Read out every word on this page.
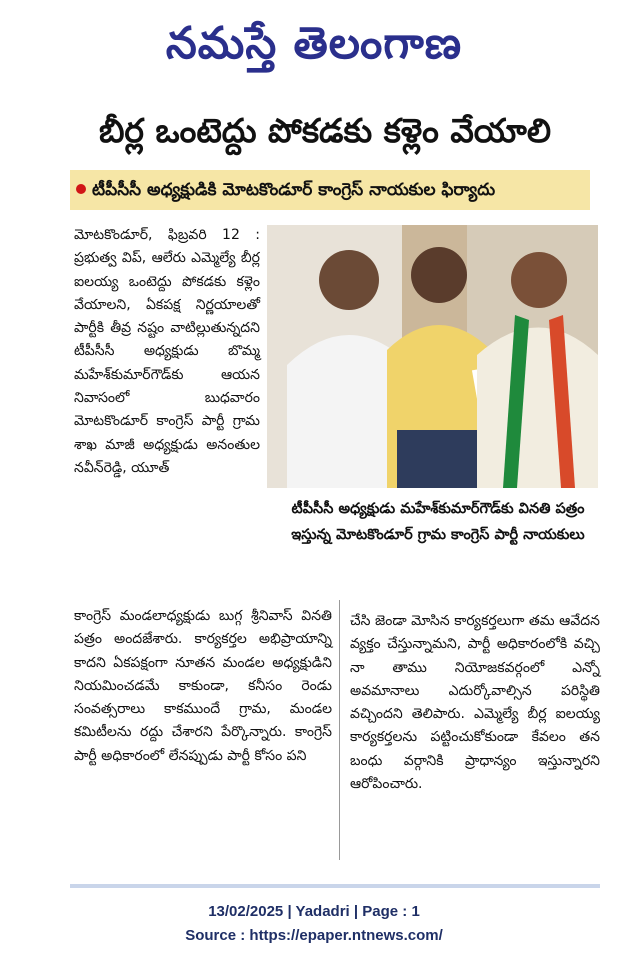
నమస్తే తెలంగాణ
బీర్ల ఒంటెద్దు పోకడకు కళ్లెం వేయాలి
టీపీసీసీ అధ్యక్షుడికి మోటకొండూర్ కాంగ్రెస్ నాయకుల ఫిర్యాదు
మోటకొండూర్, ఫిబ్రవరి 12 : ప్రభుత్వ విప్, ఆలేరు ఎమ్మెల్యే బీర్ల ఐలయ్య ఒంటెద్దు పోకడకు కళ్లెం వేయాలని, ఏకపక్ష నిర్ణయాలతో పార్టీకి తీవ్ర నష్టం వాటిల్లుతున్నదని టీపీసీసీ అధ్యక్షుడు బొమ్మ మహేశ్‌కుమార్‌గౌడ్‌కు ఆయన నివాసంలో బుధవారం మోటకొండూర్ కాంగ్రెస్ పార్టీ గ్రామ శాఖ మాజీ అధ్యక్షుడు అనంతుల నవీన్‌రెడ్డి, యూత్
టీపీసీసీ అధ్యక్షుడు మహేశ్‌కుమార్‌గౌడ్‌కు వినతి పత్రం ఇస్తున్న మోటకొండూర్ గ్రామ కాంగ్రెస్ పార్టీ నాయకులు
కాంగ్రెస్ మండలాధ్యక్షుడు బుగ్గ శ్రీనివాస్ వినతి పత్రం అందజేశారు. కార్యకర్తల అభిప్రాయాన్ని కాదని ఏకపక్షంగా నూతన మండల అధ్యక్షుడిని నియమించడమే కాకుండా, కనీసం రెండు సంవత్సరాలు కాకముందే గ్రామ, మండల కమిటీలను రద్దు చేశారని పేర్కొన్నారు. కాంగ్రెస్ పార్టీ అధికారంలో లేనప్పుడు పార్టీ కోసం పని
చేసి జెండా మోసిన కార్యకర్తలుగా తమ ఆవేదన వ్యక్తం చేస్తున్నామని, పార్టీ అధికారంలోకి వచ్చి నా తాము నియోజకవర్గంలో ఎన్నో అవమానాలు ఎదుర్కోవాల్సిన పరిస్థితి వచ్చిందని తెలిపారు. ఎమ్మెల్యే బీర్ల ఐలయ్య కార్యకర్తలను పట్టించుకోకుండా కేవలం తన బంధు వర్గానికి ప్రాధాన్యం ఇస్తున్నారని ఆరోపించారు.
13/02/2025 | Yadadri | Page : 1
Source : https://epaper.ntnews.com/
